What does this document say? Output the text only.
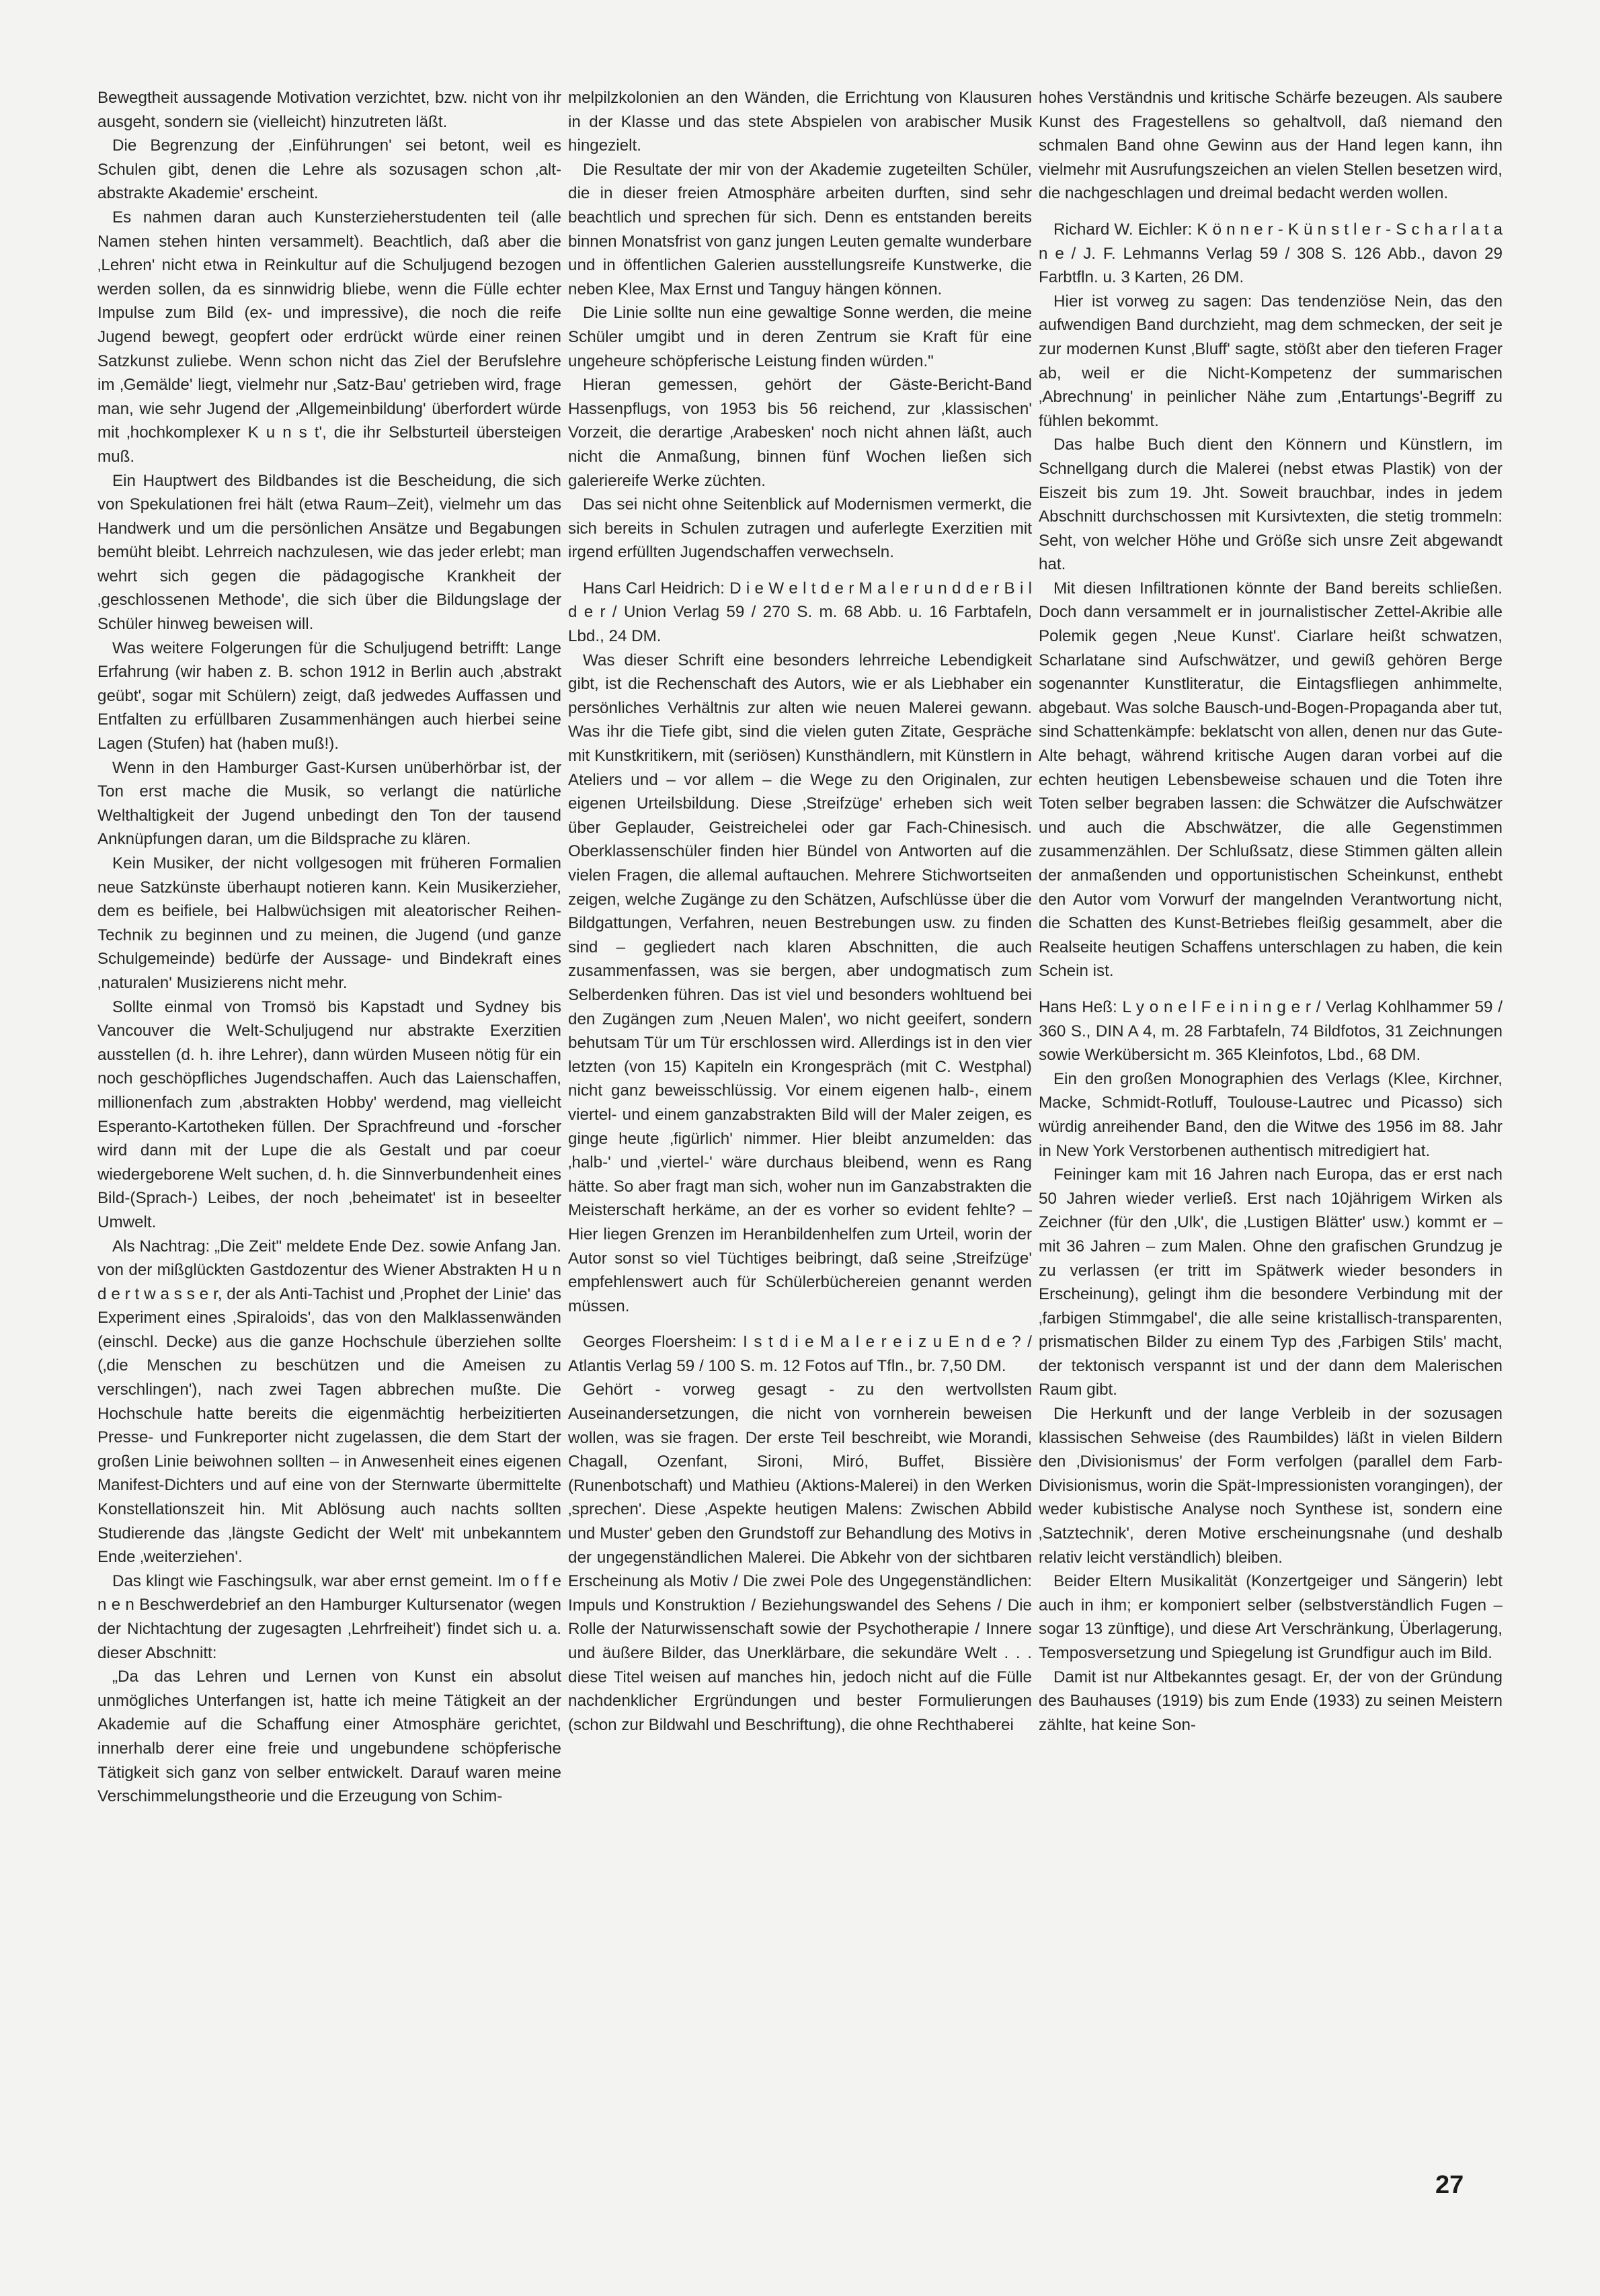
Bewegtheit aussagende Motivation verzichtet, bzw. nicht von ihr ausgeht, sondern sie (vielleicht) hinzutreten läßt.

Die Begrenzung der ‚Einführungen' sei betont, weil es Schulen gibt, denen die Lehre als sozusagen schon ‚alt-abstrakte Akademie' erscheint.

Es nahmen daran auch Kunsterzieherstudenten teil (alle Namen stehen hinten versammelt). Beachtlich, daß aber die ‚Lehren' nicht etwa in Reinkultur auf die Schuljugend bezogen werden sollen, da es sinnwidrig bliebe, wenn die Fülle echter Impulse zum Bild (ex- und impressive), die noch die reife Jugend bewegt, geopfert oder erdrückt würde einer reinen Satzkunst zuliebe. Wenn schon nicht das Ziel der Berufslehre im ‚Gemälde' liegt, vielmehr nur ‚Satz-Bau' getrieben wird, frage man, wie sehr Jugend der ‚Allgemeinbildung' überfordert würde mit ‚hochkomplexer K u n s t', die ihr Selbsturteil übersteigen muß.

Ein Hauptwert des Bildbandes ist die Bescheidung, die sich von Spekulationen frei hält (etwa Raum–Zeit), vielmehr um das Handwerk und um die persönlichen Ansätze und Begabungen bemüht bleibt. Lehrreich nachzulesen, wie das jeder erlebt; man wehrt sich gegen die pädagogische Krankheit der ‚geschlossenen Methode', die sich über die Bildungslage der Schüler hinweg beweisen will.

Was weitere Folgerungen für die Schuljugend betrifft: Lange Erfahrung (wir haben z. B. schon 1912 in Berlin auch ‚abstrakt geübt', sogar mit Schülern) zeigt, daß jedwedes Auffassen und Entfalten zu erfüllbaren Zusammenhängen auch hierbei seine Lagen (Stufen) hat (haben muß!).

Wenn in den Hamburger Gast-Kursen unüberhörbar ist, der Ton erst mache die Musik, so verlangt die natürliche Welthaltigkeit der Jugend unbedingt den Ton der tausend Anknüpfungen daran, um die Bildsprache zu klären.

Kein Musiker, der nicht vollgesogen mit früheren Formalien neue Satzkünste überhaupt notieren kann. Kein Musikerzieher, dem es beifiele, bei Halbwüchsigen mit aleatorischer Reihen-Technik zu beginnen und zu meinen, die Jugend (und ganze Schulgemeinde) bedürfe der Aussage- und Bindekraft eines ‚naturalen' Musizierens nicht mehr.

Sollte einmal von Tromsö bis Kapstadt und Sydney bis Vancouver die Welt-Schuljugend nur abstrakte Exerzitien ausstellen (d. h. ihre Lehrer), dann würden Museen nötig für ein noch geschöpfliches Jugendschaffen. Auch das Laienschaffen, millionenfach zum ‚abstrakten Hobby' werdend, mag vielleicht Esperanto-Kartotheken füllen. Der Sprachfreund und -forscher wird dann mit der Lupe die als Gestalt und par coeur wiedergeborene Welt suchen, d. h. die Sinnverbundenheit eines Bild-(Sprach-) Leibes, der noch ‚beheimatet' ist in beseelter Umwelt.

Als Nachtrag: „Die Zeit" meldete Ende Dez. sowie Anfang Jan. von der mißglückten Gastdozentur des Wiener Abstrakten H u n d e r t w a s s e r, der als Anti-Tachist und ‚Prophet der Linie' das Experiment eines ‚Spiraloids', das von den Malklassenwänden (einschl. Decke) aus die ganze Hochschule überziehen sollte (‚die Menschen zu beschützen und die Ameisen zu verschlingen'), nach zwei Tagen abbrechen mußte. Die Hochschule hatte bereits die eigenmächtig herbeizitierten Presse- und Funkreporter nicht zugelassen, die dem Start der großen Linie beiwohnen sollten – in Anwesenheit eines eigenen Manifest-Dichters und auf eine von der Sternwarte übermittelte Konstellationszeit hin. Mit Ablösung auch nachts sollten Studierende das ‚längste Gedicht der Welt' mit unbekanntem Ende ‚weiterziehen'.

Das klingt wie Faschingsulk, war aber ernst gemeint. Im o f f e n e n Beschwerdebrief an den Hamburger Kultursenator (wegen der Nichtachtung der zugesagten ‚Lehrfreiheit') findet sich u. a. dieser Abschnitt:

„Da das Lehren und Lernen von Kunst ein absolut unmögliches Unterfangen ist, hatte ich meine Tätigkeit an der Akademie auf die Schaffung einer Atmosphäre gerichtet, innerhalb derer eine freie und ungebundene schöpferische Tätigkeit sich ganz von selber entwickelt. Darauf waren meine Verschimmelungstheorie und die Erzeugung von Schim-

melpilzkolonien an den Wänden, die Errichtung von Klausuren in der Klasse und das stete Abspielen von arabischer Musik hingezielt.

Die Resultate der mir von der Akademie zugeteilten Schüler, die in dieser freien Atmosphäre arbeiten durften, sind sehr beachtlich und sprechen für sich. Denn es entstanden bereits binnen Monatsfrist von ganz jungen Leuten gemalte wunderbare und in öffentlichen Galerien ausstellungsreife Kunstwerke, die neben Klee, Max Ernst und Tanguy hängen können.

Die Linie sollte nun eine gewaltige Sonne werden, die meine Schüler umgibt und in deren Zentrum sie Kraft für eine ungeheure schöpferische Leistung finden würden."

Hieran gemessen, gehört der Gäste-Bericht-Band Hassenpflugs, von 1953 bis 56 reichend, zur ‚klassischen' Vorzeit, die derartige ‚Arabesken' noch nicht ahnen läßt, auch nicht die Anmaßung, binnen fünf Wochen ließen sich galeriereife Werke züchten.

Das sei nicht ohne Seitenblick auf Modernismen vermerkt, die sich bereits in Schulen zutragen und auferlegte Exerzitien mit irgend erfüllten Jugendschaffen verwechseln.

Hans Carl Heidrich: D i e W e l t d e r M a l e r u n d d e r B i l d e r / Union Verlag 59 / 270 S. m. 68 Abb. u. 16 Farbtafeln, Lbd., 24 DM.

Was dieser Schrift eine besonders lehrreiche Lebendigkeit gibt, ist die Rechenschaft des Autors, wie er als Liebhaber ein persönliches Verhältnis zur alten wie neuen Malerei gewann. Was ihr die Tiefe gibt, sind die vielen guten Zitate, Gespräche mit Kunstkritikern, mit (seriösen) Kunsthändlern, mit Künstlern in Ateliers und – vor allem – die Wege zu den Originalen, zur eigenen Urteilsbildung. Diese ‚Streifzüge' erheben sich weit über Geplauder, Geistreichelei oder gar Fach-Chinesisch. Oberklassenschüler finden hier Bündel von Antworten auf die vielen Fragen, die allemal auftauchen. Mehrere Stichwortseiten zeigen, welche Zugänge zu den Schätzen, Aufschlüsse über die Bildgattungen, Verfahren, neuen Bestrebungen usw. zu finden sind – gegliedert nach klaren Abschnitten, die auch zusammenfassen, was sie bergen, aber undogmatisch zum Selberdenken führen. Das ist viel und besonders wohltuend bei den Zugängen zum ‚Neuen Malen', wo nicht geeifert, sondern behutsam Tür um Tür erschlossen wird. Allerdings ist in den vier letzten (von 15) Kapiteln ein Krongespräch (mit C. Westphal) nicht ganz beweisschlüssig. Vor einem eigenen halb-, einem viertel- und einem ganzabstrakten Bild will der Maler zeigen, es ginge heute ‚figürlich' nimmer. Hier bleibt anzumelden: das ‚halb-' und ‚viertel-' wäre durchaus bleibend, wenn es Rang hätte. So aber fragt man sich, woher nun im Ganzabstrakten die Meisterschaft herkäme, an der es vorher so evident fehlte? – Hier liegen Grenzen im Heranbildenhelfen zum Urteil, worin der Autor sonst so viel Tüchtiges beibringt, daß seine ‚Streifzüge' empfehlenswert auch für Schülerbüchereien genannt werden müssen.

Georges Floersheim: I s t d i e M a l e r e i z u E n d e ? / Atlantis Verlag 59 / 100 S. m. 12 Fotos auf Tfln., br. 7,50 DM.

Gehört - vorweg gesagt - zu den wertvollsten Auseinandersetzungen, die nicht von vornherein beweisen wollen, was sie fragen. Der erste Teil beschreibt, wie Morandi, Chagall, Ozenfant, Sironi, Miró, Buffet, Bissière (Runenbotschaft) und Mathieu (Aktions-Malerei) in den Werken ‚sprechen'. Diese ‚Aspekte heutigen Malens: Zwischen Abbild und Muster' geben den Grundstoff zur Behandlung des Motivs in der ungegenständlichen Malerei. Die Abkehr von der sichtbaren Erscheinung als Motiv / Die zwei Pole des Ungegenständlichen: Impuls und Konstruktion / Beziehungswandel des Sehens / Die Rolle der Naturwissenschaft sowie der Psychotherapie / Innere und äußere Bilder, das Unerklärbare, die sekundäre Welt . . . diese Titel weisen auf manches hin, jedoch nicht auf die Fülle nachdenklicher Ergründungen und bester Formulierungen (schon zur Bildwahl und Beschriftung), die ohne Rechthaberei

hohes Verständnis und kritische Schärfe bezeugen. Als saubere Kunst des Fragestellens so gehaltvoll, daß niemand den schmalen Band ohne Gewinn aus der Hand legen kann, ihn vielmehr mit Ausrufungszeichen an vielen Stellen besetzen wird, die nachgeschlagen und dreimal bedacht werden wollen.

Richard W. Eichler: K ö n n e r - K ü n s t l e r - S c h a r l a t a n e / J. F. Lehmanns Verlag 59 / 308 S. 126 Abb., davon 29 Farbtfln. u. 3 Karten, 26 DM.

Hier ist vorweg zu sagen: Das tendenziöse Nein, das den aufwendigen Band durchzieht, mag dem schmecken, der seit je zur modernen Kunst ‚Bluff' sagte, stößt aber den tieferen Frager ab, weil er die Nicht-Kompetenz der summarischen ‚Abrechnung' in peinlicher Nähe zum ‚Entartungs'-Begriff zu fühlen bekommt.

Das halbe Buch dient den Könnern und Künstlern, im Schnellgang durch die Malerei (nebst etwas Plastik) von der Eiszeit bis zum 19. Jht. Soweit brauchbar, indes in jedem Abschnitt durchschossen mit Kursivtexten, die stetig trommeln: Seht, von welcher Höhe und Größe sich unsre Zeit abgewandt hat.

Mit diesen Infiltrationen könnte der Band bereits schließen. Doch dann versammelt er in journalistischer Zettel-Akribie alle Polemik gegen ‚Neue Kunst'. Ciarlare heißt schwatzen, Scharlatane sind Aufschwätzer, und gewiß gehören Berge sogenannter Kunstliteratur, die Eintagsfliegen anhimmelte, abgebaut. Was solche Bausch-und-Bogen-Propaganda aber tut, sind Schattenkämpfe: beklatscht von allen, denen nur das Gute-Alte behagt, während kritische Augen daran vorbei auf die echten heutigen Lebensbeweise schauen und die Toten ihre Toten selber begraben lassen: die Schwätzer die Aufschwätzer und auch die Abschwätzer, die alle Gegenstimmen zusammenzählen. Der Schlußsatz, diese Stimmen gälten allein der anmaßenden und opportunistischen Scheinkunst, enthebt den Autor vom Vorwurf der mangelnden Verantwortung nicht, die Schatten des Kunst-Betriebes fleißig gesammelt, aber die Realseite heutigen Schaffens unterschlagen zu haben, die kein Schein ist.

Hans Heß: L y o n e l F e i n i n g e r / Verlag Kohlhammer 59 / 360 S., DIN A 4, m. 28 Farbtafeln, 74 Bildfotos, 31 Zeichnungen sowie Werkübersicht m. 365 Kleinfotos, Lbd., 68 DM.

Ein den großen Monographien des Verlags (Klee, Kirchner, Macke, Schmidt-Rotluff, Toulouse-Lautrec und Picasso) sich würdig anreihender Band, den die Witwe des 1956 im 88. Jahr in New York Verstorbenen authentisch mitredigiert hat.

Feininger kam mit 16 Jahren nach Europa, das er erst nach 50 Jahren wieder verließ. Erst nach 10jährigem Wirken als Zeichner (für den ‚Ulk', die ‚Lustigen Blätter' usw.) kommt er – mit 36 Jahren – zum Malen. Ohne den grafischen Grundzug je zu verlassen (er tritt im Spätwerk wieder besonders in Erscheinung), gelingt ihm die besondere Verbindung mit der ‚farbigen Stimmgabel', die alle seine kristallisch-transparenten, prismatischen Bilder zu einem Typ des ‚Farbigen Stils' macht, der tektonisch verspannt ist und der dann dem Malerischen Raum gibt.

Die Herkunft und der lange Verbleib in der sozusagen klassischen Sehweise (des Raumbildes) läßt in vielen Bildern den ‚Divisionismus' der Form verfolgen (parallel dem Farb-Divisionismus, worin die Spät-Impressionisten vorangingen), der weder kubistische Analyse noch Synthese ist, sondern eine ‚Satztechnik', deren Motive erscheinungsnahe (und deshalb relativ leicht verständlich) bleiben.

Beider Eltern Musikalität (Konzertgeiger und Sängerin) lebt auch in ihm; er komponiert selber (selbstverständlich Fugen – sogar 13 zünftige), und diese Art Verschränkung, Überlagerung, Temposversetzung und Spiegelung ist Grundfigur auch im Bild.

Damit ist nur Altbekanntes gesagt. Er, der von der Gründung des Bauhauses (1919) bis zum Ende (1933) zu seinen Meistern zählte, hat keine Son-

27
